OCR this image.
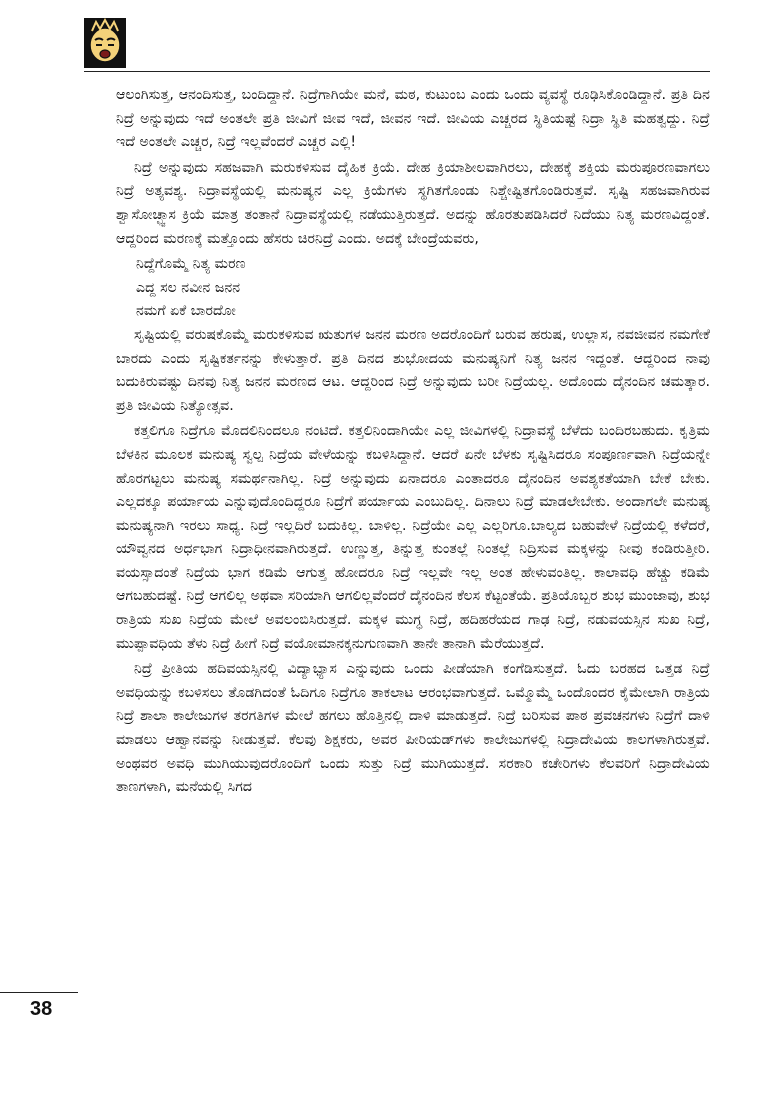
ಆಲಂಗಿಸುತ್ತ, ಆನಂದಿಸುತ್ತ, ಬಂದಿದ್ದಾನೆ. ನಿದ್ರೆಗಾಗಿಯೇ ಮನೆ, ಮಠ, ಕುಟುಂಬ ಎಂದು ಒಂದು ವ್ಯವಸ್ಥೆ ರೂಢಿಸಿಕೊಂಡಿದ್ದಾನೆ. ಪ್ರತಿ ದಿನ ನಿದ್ರೆ ಅನ್ನುವುದು ಇದೆ ಅಂತಲೇ ಪ್ರತಿ ಜೀವಿಗೆ ಜೀವ ಇದೆ, ಜೀವನ ಇದೆ. ಜೀವಿಯ ಎಚ್ಚರದ ಸ್ಥಿತಿಯಷ್ಟೆ ನಿದ್ರಾ ಸ್ಥಿತಿ ಮಹತ್ವದ್ದು. ನಿದ್ರೆ ಇದೆ ಅಂತಲೇ ಎಚ್ಚರ, ನಿದ್ರೆ ಇಲ್ಲವೆಂದರೆ ಎಚ್ಚರ ಎಲ್ಲಿ!

ನಿದ್ರೆ ಅನ್ನುವುದು ಸಹಜವಾಗಿ ಮರುಕಳಿಸುವ ದೈಹಿಕ ಕ್ರಿಯೆ. ದೇಹ ಕ್ರಿಯಾಶೀಲವಾಗಿರಲು, ದೇಹಕ್ಕೆ ಶಕ್ತಿಯ ಮರುಪೂರಣವಾಗಲು ನಿದ್ರೆ ಅತ್ಯವಶ್ಯ. ನಿದ್ರಾವಸ್ಥೆಯಲ್ಲಿ ಮನುಷ್ಯನ ಎಲ್ಲ ಕ್ರಿಯೆಗಳು ಸ್ಥಗಿತಗೊಂಡು ನಿಶ್ಚೇಷ್ಟಿತಗೊಂಡಿರುತ್ತವೆ. ಸೃಷ್ಟಿ ಸಹಜವಾಗಿರುವ ಶ್ವಾಸೋಚ್ಛ್ವಾಸ ಕ್ರಿಯೆ ಮಾತ್ರ ತಂತಾನೆ ನಿದ್ರಾವಸ್ಥೆಯಲ್ಲಿ ನಡೆಯುತ್ತಿರುತ್ತದೆ. ಅದನ್ನು ಹೊರತುಪಡಿಸಿದರೆ ನಿದೆಯು ನಿತ್ಯ ಮರಣವಿದ್ದಂತೆ. ಆದ್ದರಿಂದ ಮರಣಕ್ಕೆ ಮತ್ತೊಂದು ಹೆಸರು ಚಿರನಿದ್ರೆ ಎಂದು. ಅದಕ್ಕೆ ಬೇಂದ್ರೆಯವರು,

ನಿದ್ದೆಗೊಮ್ಮೆ ನಿತ್ಯ ಮರಣ
ಎದ್ದ ಸಲ ನವೀನ ಜನನ
ನಮಗೆ ಏಕೆ ಬಾರದೋ

ಸೃಷ್ಟಿಯಲ್ಲಿ ವರುಷಕೊಮ್ಮೆ ಮರುಕಳಿಸುವ ಋತುಗಳ ಜನನ ಮರಣ ಅದರೊಂದಿಗೆ ಬರುವ ಹರುಷ, ಉಲ್ಲಾಸ, ನವಜೀವನ ನಮಗೇಕೆ ಬಾರದು ಎಂದು ಸೃಷ್ಟಿಕರ್ತನನ್ನು ಕೇಳುತ್ತಾರೆ. ಪ್ರತಿ ದಿನದ ಶುಭೋದಯ ಮನುಷ್ಯನಿಗೆ ನಿತ್ಯ ಜನನ ಇದ್ದಂತೆ. ಆದ್ದರಿಂದ ನಾವು ಬದುಕಿರುವಷ್ಟು ದಿನವು ನಿತ್ಯ ಜನನ ಮರಣದ ಆಟ. ಆದ್ದರಿಂದ ನಿದ್ರೆ ಅನ್ನುವುದು ಬರೀ ನಿದ್ರೆಯಲ್ಲ. ಅದೊಂದು ದೈನಂದಿನ ಚಮತ್ಕಾರ. ಪ್ರತಿ ಜೀವಿಯ ನಿತ್ಯೋತ್ಸವ.

ಕತ್ತಲಿಗೂ ನಿದ್ರೆಗೂ ಮೊದಲಿನಿಂದಲೂ ನಂಟಿದೆ. ಕತ್ತಲಿನಿಂದಾಗಿಯೇ ಎಲ್ಲ ಜೀವಿಗಳಲ್ಲಿ ನಿದ್ರಾವಸ್ಥೆ ಬೆಳೆದು ಬಂದಿರಬಹುದು. ಕೃತ್ರಿಮ ಬೆಳಕಿನ ಮೂಲಕ ಮನುಷ್ಯ ಸ್ವಲ್ಪ ನಿದ್ರೆಯ ವೇಳೆಯನ್ನು ಕಬಳಿಸಿದ್ದಾನೆ. ಆದರೆ ಏನೇ ಬೆಳಕು ಸೃಷ್ಟಿಸಿದರೂ ಸಂಪೂರ್ಣವಾಗಿ ನಿದ್ರೆಯನ್ನೇ ಹೊರಗಟ್ಟಲು ಮನುಷ್ಯ ಸಮರ್ಥನಾಗಿಲ್ಲ. ನಿದ್ರೆ ಅನ್ನುವುದು ಏನಾದರೂ ಎಂತಾದರೂ ದೈನಂದಿನ ಅವಶ್ಯಕತೆಯಾಗಿ ಬೇಕೆ ಬೇಕು. ಎಲ್ಲದಕ್ಕೂ ಪರ್ಯಾಯ ಎನ್ನುವುದೊಂದಿದ್ದರೂ ನಿದ್ರೆಗೆ ಪರ್ಯಾಯ ಎಂಬುದಿಲ್ಲ. ದಿನಾಲು ನಿದ್ರೆ ಮಾಡಲೇಬೇಕು. ಅಂದಾಗಲೇ ಮನುಷ್ಯ ಮನುಷ್ಯನಾಗಿ ಇರಲು ಸಾಧ್ಯ. ನಿದ್ರೆ ಇಲ್ಲದಿರೆ ಬದುಕಿಲ್ಲ. ಬಾಳಿಲ್ಲ. ನಿದ್ರೆಯೇ ಎಲ್ಲ ಎಲ್ಲರಿಗೂ.ಬಾಲ್ಯದ ಬಹುವೇಳೆ ನಿದ್ರೆಯಲ್ಲಿ ಕಳೆದರೆ, ಯೌವ್ವನದ ಅರ್ಧಭಾಗ ನಿದ್ರಾಧೀನವಾಗಿರುತ್ತದೆ. ಉಣ್ಣುತ್ತ, ತಿನ್ನುತ್ತ ಕುಂತಲ್ಲೆ ನಿಂತಲ್ಲೆ ನಿದ್ರಿಸುವ ಮಕ್ಕಳನ್ನು ನೀವು ಕಂಡಿರುತ್ತೀರಿ. ವಯಸ್ಸಾದಂತೆ ನಿದ್ರೆಯ ಭಾಗ ಕಡಿಮೆ ಆಗುತ್ತ ಹೋದರೂ ನಿದ್ರೆ ಇಲ್ಲವೇ ಇಲ್ಲ ಅಂತ ಹೇಳುವಂತಿಲ್ಲ. ಕಾಲಾವಧಿ ಹೆಚ್ಚು ಕಡಿಮೆ ಆಗಬಹುದಷ್ಟೆ. ನಿದ್ರೆ ಆಗಲಿಲ್ಲ ಅಥವಾ ಸರಿಯಾಗಿ ಆಗಲಿಲ್ಲವೆಂದರೆ ದೈನಂದಿನ ಕೆಲಸ ಕೆಟ್ಟಂತೆಯೆ. ಪ್ರತಿಯೊಬ್ಬರ ಶುಭ ಮುಂಜಾವು, ಶುಭ ರಾತ್ರಿಯ ಸುಖ ನಿದ್ರೆಯ ಮೇಲೆ ಅವಲಂಬಿಸಿರುತ್ತದೆ. ಮಕ್ಕಳ ಮುಗ್ಧ ನಿದ್ರೆ, ಹದಿಹರೆಯದ ಗಾಢ ನಿದ್ರೆ, ನಡುವಯಸ್ಸಿನ ಸುಖ ನಿದ್ರೆ, ಮುಪ್ಪಾವಧಿಯ ತೆಳು ನಿದ್ರೆ ಹೀಗೆ ನಿದ್ರೆ ವಯೋಮಾನಕ್ಕನುಗುಣವಾಗಿ ತಾನೇ ತಾನಾಗಿ ಮೆರೆಯುತ್ತದೆ.

ನಿದ್ರೆ ಪ್ರೀತಿಯ ಹದಿವಯಸ್ಸಿನಲ್ಲಿ ವಿದ್ಯಾಭ್ಯಾಸ ಎನ್ನುವುದು ಒಂದು ಪೀಡೆಯಾಗಿ ಕಂಗೆಡಿಸುತ್ತದೆ. ಓದು ಬರಹದ ಒತ್ತಡ ನಿದ್ರೆ ಅವಧಿಯನ್ನು ಕಬಳಿಸಲು ತೊಡಗಿದಂತೆ ಓದಿಗೂ ನಿದ್ರೆಗೂ ತಾಕಲಾಟ ಆರಂಭವಾಗುತ್ತದೆ. ಒಮ್ಮೊಮ್ಮೆ ಒಂದೊಂದರ ಕೈಮೇಲಾಗಿ ರಾತ್ರಿಯ ನಿದ್ರೆ ಶಾಲಾ ಕಾಲೇಜುಗಳ ತರಗತಿಗಳ ಮೇಲೆ ಹಗಲು ಹೊತ್ತಿನಲ್ಲಿ ದಾಳಿ ಮಾಡುತ್ತದೆ. ನಿದ್ರೆ ಬರಿಸುವ ಪಾಠ ಪ್ರವಚನಗಳು ನಿದ್ರೆಗೆ ದಾಳಿ ಮಾಡಲು ಆಹ್ವಾನವನ್ನು ನೀಡುತ್ತವೆ. ಕೆಲವು ಶಿಕ್ಷಕರು, ಅವರ ಪೀರಿಯಡ್‌ಗಳು ಕಾಲೇಜುಗಳಲ್ಲಿ ನಿದ್ರಾದೇವಿಯ ಕಾಲಗಳಾಗಿರುತ್ತವೆ. ಅಂಥವರ ಅವಧಿ ಮುಗಿಯುವುದರೊಂದಿಗೆ ಒಂದು ಸುತ್ತು ನಿದ್ರೆ ಮುಗಿಯುತ್ತದೆ. ಸರಕಾರಿ ಕಚೇರಿಗಳು ಕೆಲವರಿಗೆ ನಿದ್ರಾದೇವಿಯ ತಾಣಗಳಾಗಿ, ಮನೆಯಲ್ಲಿ ಸಿಗದ

38
